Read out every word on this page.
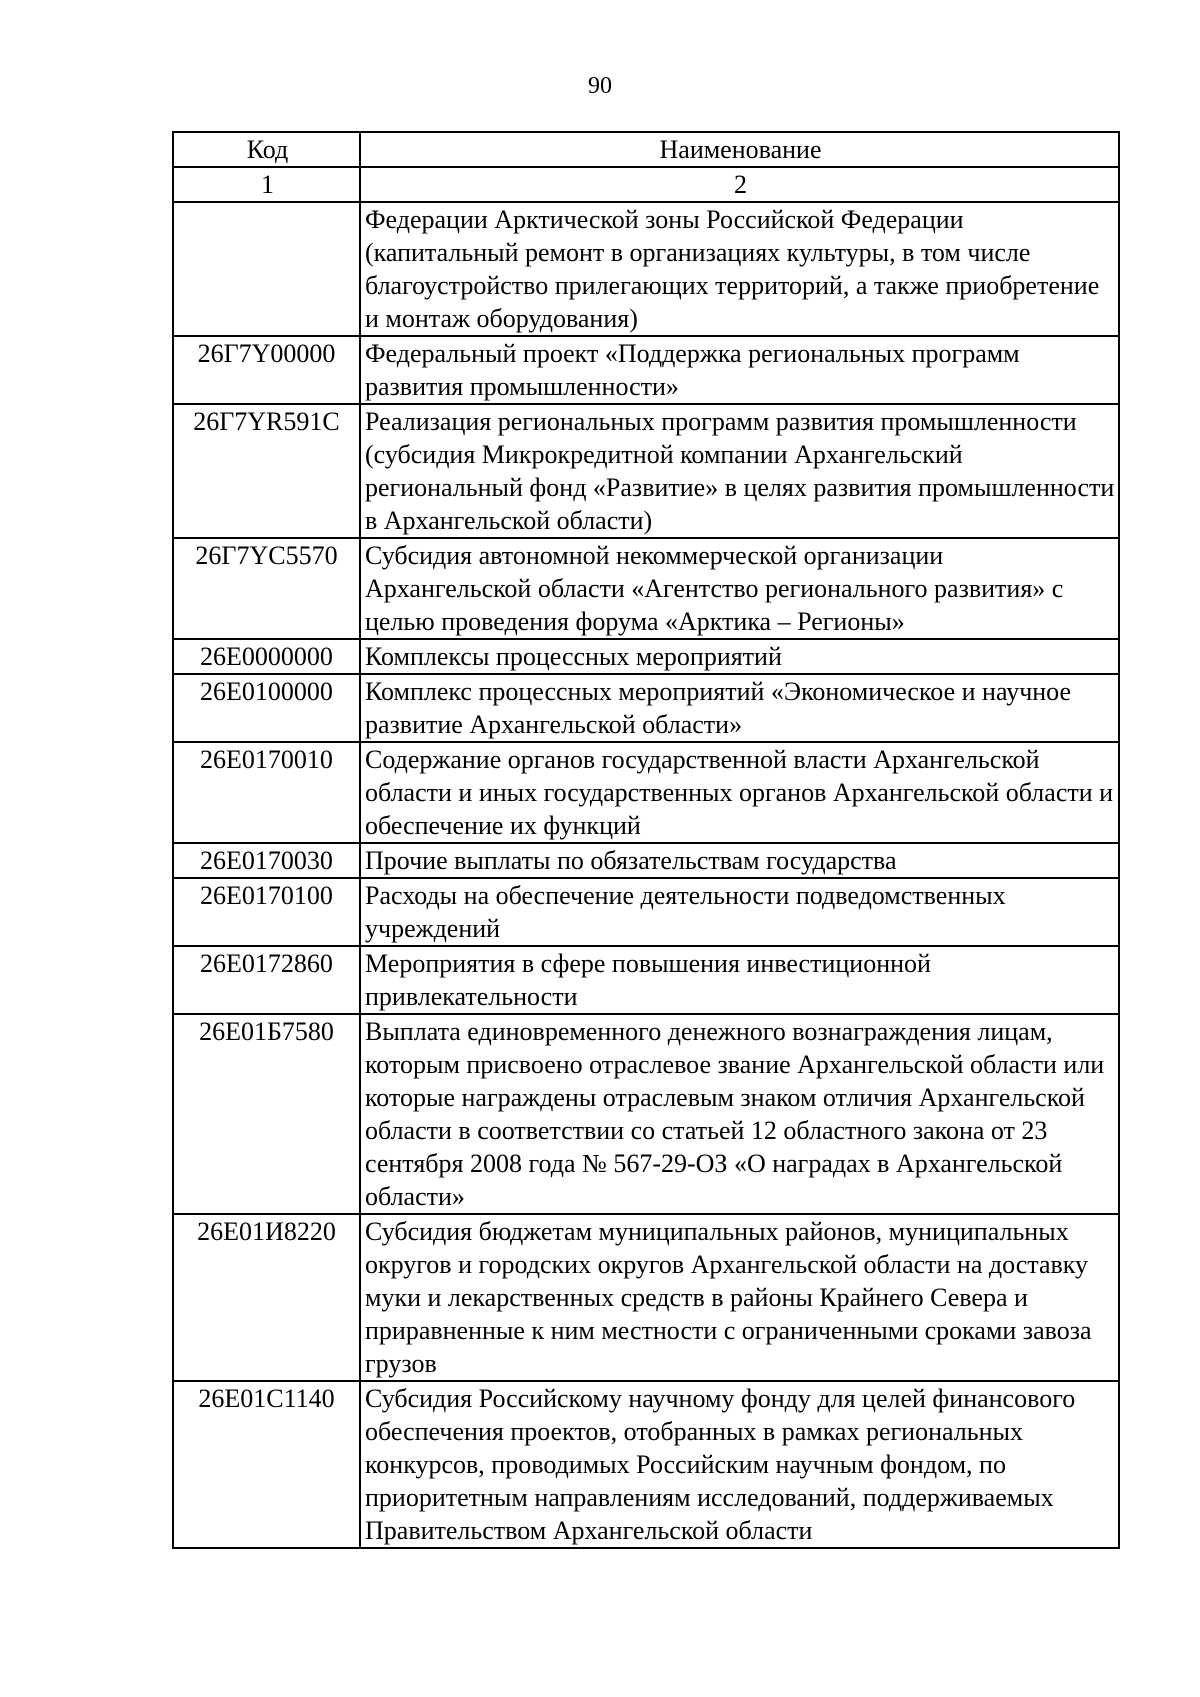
90
Код	Наименование
1	2
	Федерации Арктической зоны Российской Федерации (капитальный ремонт в организациях культуры, в том числе благоустройство прилегающих территорий, а также приобретение и монтаж оборудования)
26Г7Y00000	Федеральный проект «Поддержка региональных программ развития промышленности»
26Г7YR591C	Реализация региональных программ развития промышленности (субсидия Микрокредитной компании Архангельский региональный фонд «Развитие» в целях развития промышленности в Архангельской области)
26Г7YC5570	Субсидия автономной некоммерческой организации Архангельской области «Агентство регионального развития» с целью проведения форума «Арктика – Регионы»
26Е0000000	Комплексы процессных мероприятий
26Е0100000	Комплекс процессных мероприятий «Экономическое и научное развитие Архангельской области»
26Е0170010	Содержание органов государственной власти Архангельской области и иных государственных органов Архангельской области и обеспечение их функций
26Е0170030	Прочие выплаты по обязательствам государства
26Е0170100	Расходы на обеспечение деятельности подведомственных учреждений
26Е0172860	Мероприятия в сфере повышения инвестиционной привлекательности
26Е01Б7580	Выплата единовременного денежного вознаграждения лицам, которым присвоено отраслевое звание Архангельской области или которые награждены отраслевым знаком отличия Архангельской области в соответствии со статьей 12 областного закона от 23 сентября 2008 года № 567-29-ОЗ «О наградах в Архангельской области»
26Е01И8220	Субсидия бюджетам муниципальных районов, муниципальных округов и городских округов Архангельской области на доставку муки и лекарственных средств в районы Крайнего Севера и приравненные к ним местности с ограниченными сроками завоза грузов
26Е01С1140	Субсидия Российскому научному фонду для целей финансового обеспечения проектов, отобранных в рамках региональных конкурсов, проводимых Российским научным фондом, по приоритетным направлениям исследований, поддерживаемых Правительством Архангельской области
